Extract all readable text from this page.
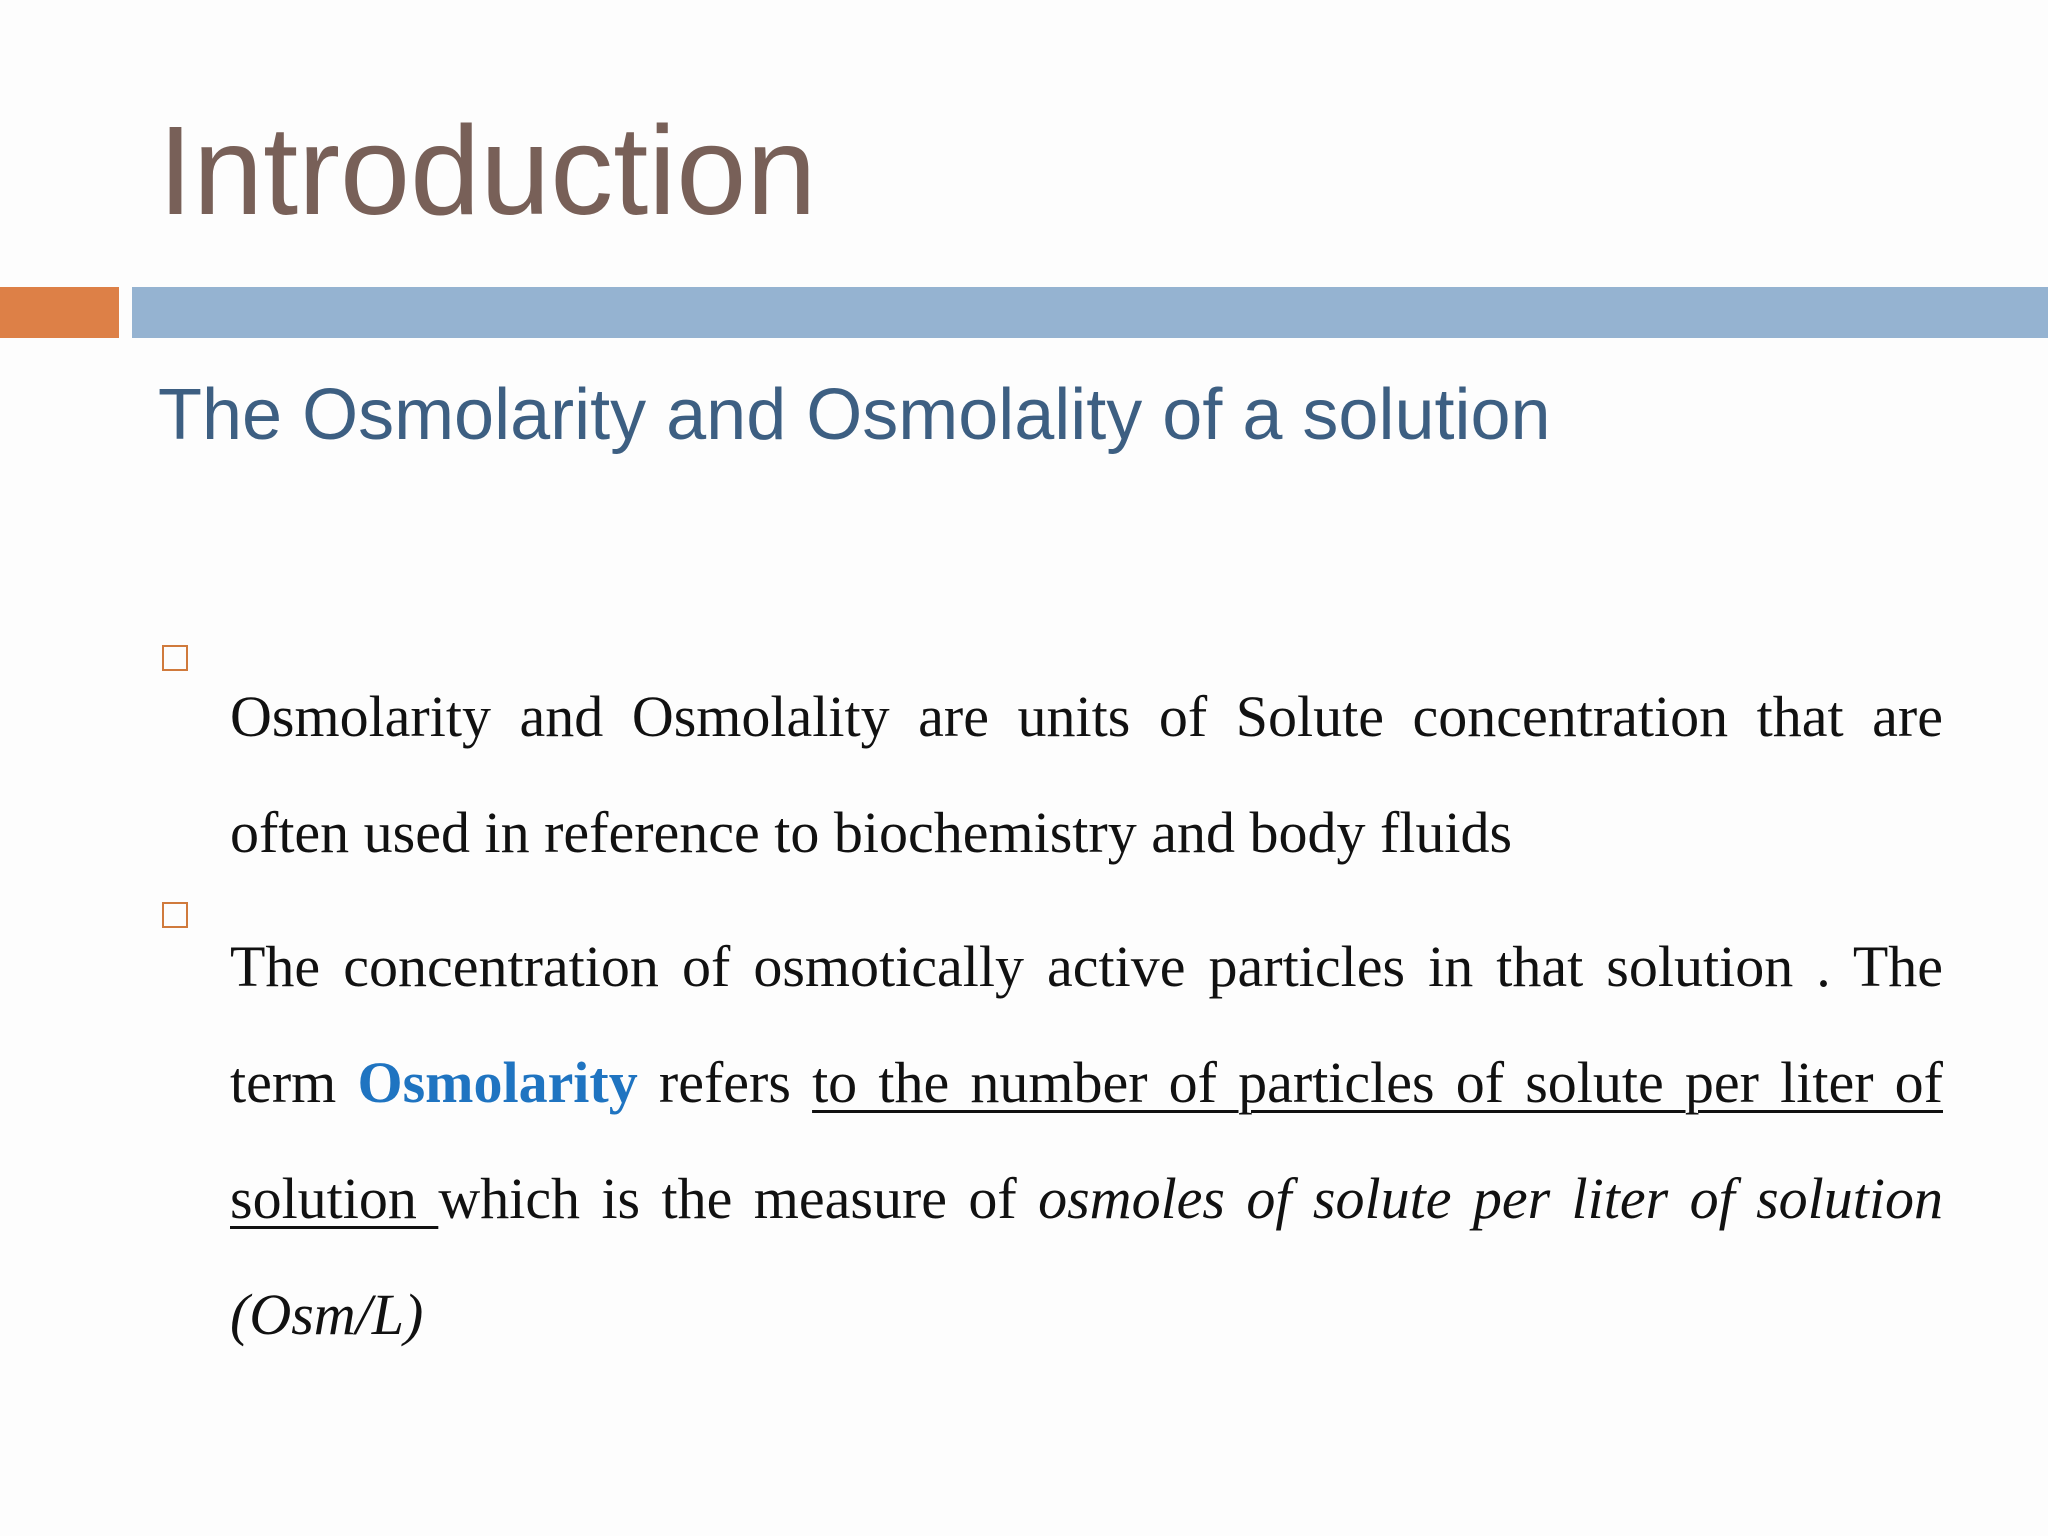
Introduction
The Osmolarity and Osmolality of a solution

Osmolarity and Osmolality are units of Solute concentration that are often used in reference to biochemistry and body fluids

The concentration of osmotically active particles in that solution . The term Osmolarity refers to the number of particles of solute per liter of solution which is the measure of osmoles of solute per liter of solution (Osm/L)
